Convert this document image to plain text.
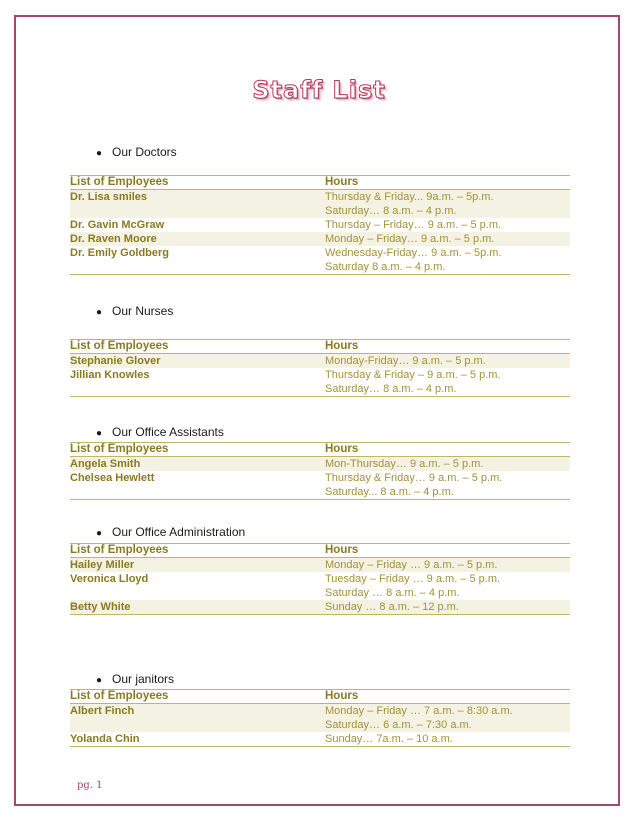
Staff List
● Our Doctors
List of Employees	Hours
Dr. Lisa smiles	Thursday & Friday... 9a.m. – 5p.m.
Saturday… 8 a.m. – 4 p.m.

Dr. Gavin McGraw	Thursday – Friday… 9 a.m. – 5 p.m.

Dr. Raven Moore	Monday – Friday… 9 a.m. – 5 p.m.

Dr. Emily Goldberg	Wednesday-Friday… 9 a.m. – 5p.m.
Saturday 8 a.m. – 4 p.m.
● Our Nurses
List of Employees	Hours
Stephanie Glover	Monday-Friday… 9 a.m. – 5 p.m.

Jillian Knowles	Thursday & Friday – 9 a.m. – 5 p.m.
Saturday… 8 a.m. – 4 p.m.
● Our Office Assistants
List of Employees	Hours
Angela Smith	Mon-Thursday… 9 a.m. – 5 p.m.

Chelsea Hewlett	Thursday & Friday… 9 a.m. – 5 p.m.
Saturday... 8 a.m. – 4 p.m.
● Our Office Administration
List of Employees	Hours
Hailey Miller	Monday – Friday … 9 a.m. – 5 p.m.

Veronica Lloyd	Tuesday – Friday … 9 a.m. – 5 p.m.
Saturday … 8 a.m. – 4 p.m.

Betty White	Sunday … 8 a.m. – 12 p.m.
● Our janitors
List of Employees	Hours
Albert Finch	Monday – Friday … 7 a.m. – 8:30 a.m.
Saturday… 6 a.m. – 7:30 a.m.

Yolanda Chin	Sunday… 7a.m. – 10 a.m.
pg. 1
